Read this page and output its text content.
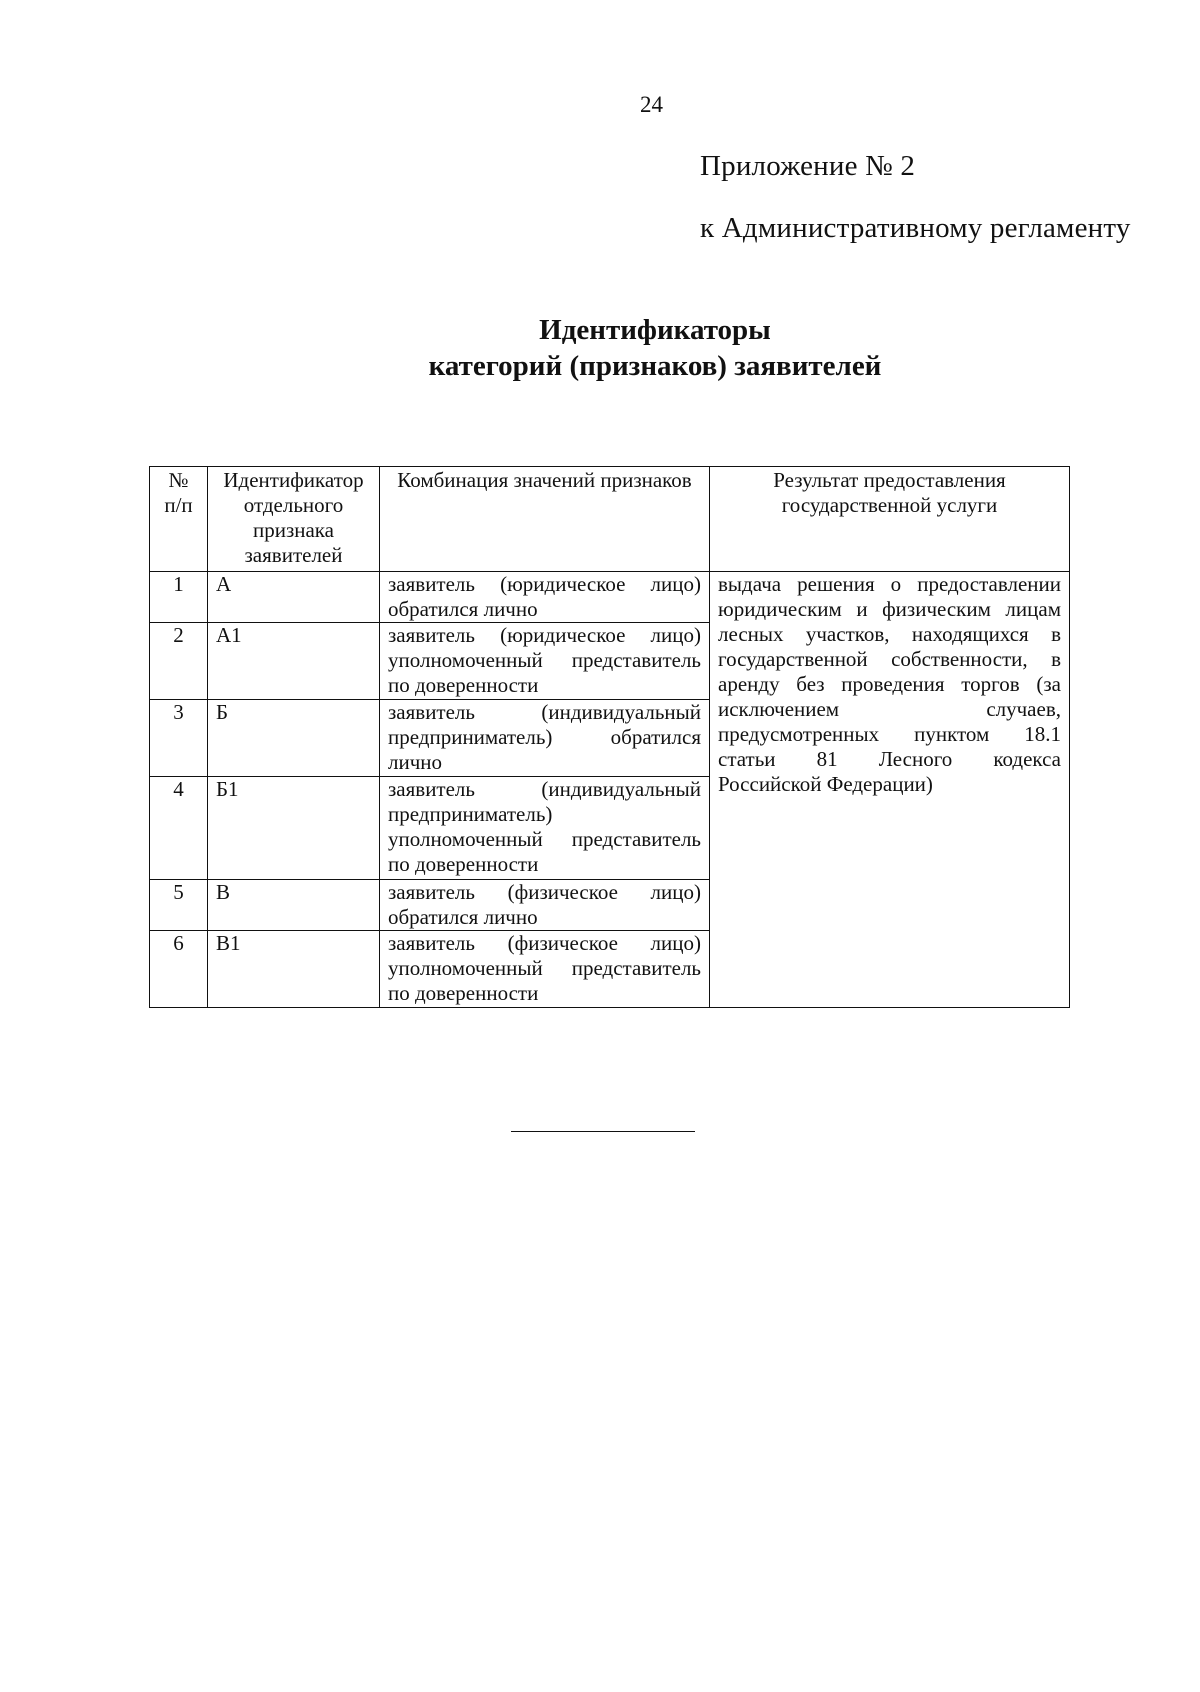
24
Приложение № 2
к Административному регламенту
Идентификаторы
категорий (признаков) заявителей
№ п/п	Идентификатор отдельного признака заявителей	Комбинация значений признаков	Результат предоставления государственной услуги
1	А	заявитель (юридическое лицо) обратился лично	выдача решения о предоставлении юридическим и физическим лицам лесных участков, находящихся в государственной собственности, в аренду без проведения торгов (за исключением случаев, предусмотренных пунктом 18.1 статьи 81 Лесного кодекса Российской Федерации)
2	А1	заявитель (юридическое лицо) уполномоченный представитель по доверенности	
3	Б	заявитель (индивидуальный предприниматель) обратился лично	
4	Б1	заявитель (индивидуальный предприниматель) уполномоченный представитель по доверенности	
5	В	заявитель (физическое лицо) обратился лично	
6	В1	заявитель (физическое лицо) уполномоченный представитель по доверенности	
